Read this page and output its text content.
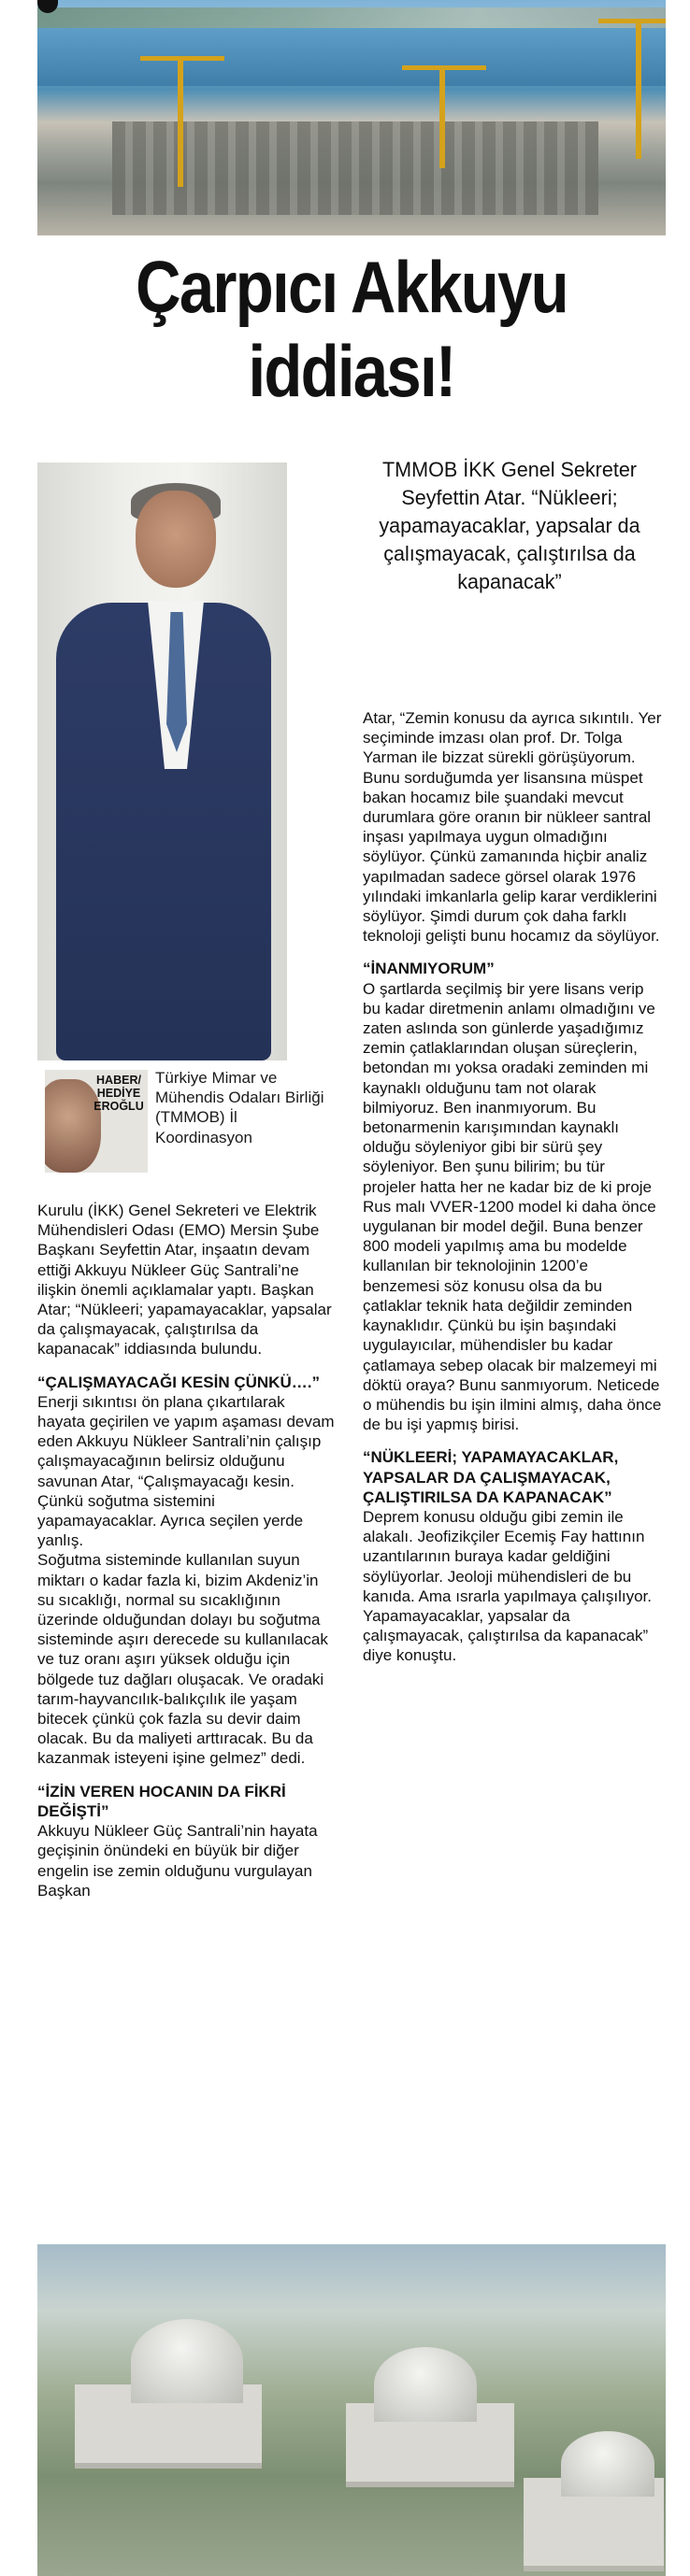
Çarpıcı Akkuyu
iddiası!
TMMOB İKK Genel Sekreter Seyfettin Atar. “Nükleeri; yapamayacaklar, yapsalar da çalışmayacak, çalıştırılsa da kapanacak”

Atar, “Zemin konusu da ayrıca sıkıntılı. Yer seçiminde imzası olan prof. Dr. Tolga Yarman ile bizzat sürekli görüşüyorum. Bunu sorduğumda yer lisansına müspet bakan hocamız bile şuandaki mevcut durumlara göre oranın bir nükleer santral inşası yapılmaya uygun olmadığını söylüyor. Çünkü zamanında hiçbir analiz yapılmadan sadece görsel olarak 1976 yılındaki imkanlarla gelip karar verdiklerini söylüyor. Şimdi durum çok daha farklı teknoloji gelişti bunu hocamız da söylüyor.

“İNANMIYORUM”

O şartlarda seçilmiş bir yere lisans verip bu kadar diretmenin anlamı olmadığını ve zaten aslında son günlerde yaşadığımız zemin çatlaklarından oluşan süreçlerin, betondan mı yoksa oradaki zeminden mi kaynaklı olduğunu tam not olarak bilmiyoruz. Ben inanmıyorum. Bu betonarmenin karışımından kaynaklı olduğu söyleniyor gibi bir sürü şey söyleniyor. Ben şunu bilirim; bu tür projeler hatta her ne kadar biz de ki proje Rus malı VVER-1200 model ki daha önce uygulanan bir model değil. Buna benzer 800 modeli yapılmış ama bu modelde kullanılan bir teknolojinin 1200’e benzemesi söz konusu olsa da bu çatlaklar teknik hata değildir zeminden kaynaklıdır. Çünkü bu işin başındaki uygulayıcılar, mühendisler bu kadar çatlamaya sebep olacak bir malzemeyi mi döktü oraya? Bunu sanmıyorum. Neticede o mühendis bu işin ilmini almış, daha önce de bu işi yapmış birisi.

“NÜKLEERİ; YAPAMAYACAKLAR, YAPSALAR DA ÇALIŞMAYACAK, ÇALIŞTIRILSA DA KAPANACAK”

Deprem konusu olduğu gibi zemin ile alakalı. Jeofizikçiler Ecemiş Fay hattının uzantılarının buraya kadar geldiğini söylüyorlar. Jeoloji mühendisleri de bu kanıda. Ama ısrarla yapılmaya çalışılıyor. Yapamayacaklar, yapsalar da çalışmayacak, çalıştırılsa da kapanacak” diye konuştu.

HABER/
HEDİYE
EROĞLU
Türkiye Mimar ve Mühendis Odaları Birliği (TMMOB) İl Koordinasyon

Kurulu (İKK) Genel Sekreteri ve Elektrik Mühendisleri Odası (EMO) Mersin Şube Başkanı Seyfettin Atar, inşaatın devam ettiği Akkuyu Nükleer Güç Santrali’ne ilişkin önemli açıklamalar yaptı. Başkan Atar; “Nükleeri; yapamayacaklar, yapsalar da çalışmayacak, çalıştırılsa da kapanacak” iddiasında bulundu.

“ÇALIŞMAYACAĞI KESİN ÇÜNKÜ….”

Enerji sıkıntısı ön plana çıkartılarak hayata geçirilen ve yapım aşaması devam eden Akkuyu Nükleer Santrali’nin çalışıp çalışmayacağının belirsiz olduğunu savunan Atar, “Çalışmayacağı kesin. Çünkü soğutma sistemini yapamayacaklar. Ayrıca seçilen yerde yanlış.

Soğutma sisteminde kullanılan suyun miktarı o kadar fazla ki, bizim Akdeniz’in su sıcaklığı, normal su sıcaklığının üzerinde olduğundan dolayı bu soğutma sisteminde aşırı derecede su kullanılacak ve tuz oranı aşırı yüksek olduğu için bölgede tuz dağları oluşacak. Ve oradaki tarım-hayvancılık-balıkçılık ile yaşam bitecek çünkü çok fazla su devir daim olacak. Bu da maliyeti arttıracak. Bu da kazanmak isteyeni işine gelmez” dedi.

“İZİN VEREN HOCANIN DA FİKRİ DEĞİŞTİ”

Akkuyu Nükleer Güç Santrali’nin hayata geçişinin önündeki en büyük bir diğer engelin ise zemin olduğunu vurgulayan Başkan
